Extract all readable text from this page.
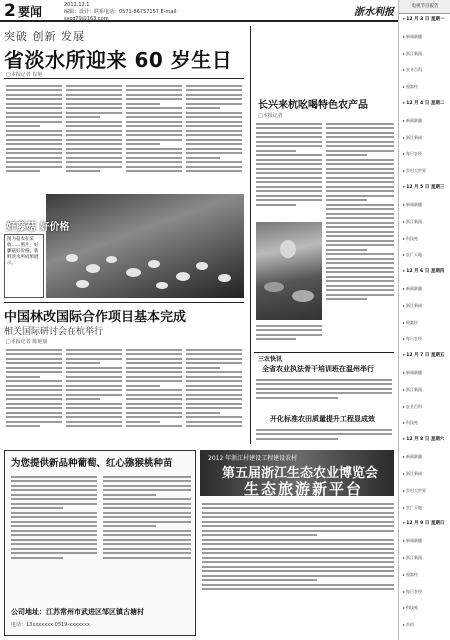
2 要闻	2012.12.1
编辑：设计：联系电话：0571-86757157 E-mail: sxcg79@163.com
浙水利报
突破 创新 发展
省淡水所迎来 60 岁生日
□本报记者 崔艳
好藤菇 好价格
图为菇农在采收……照片，好藤菇好价格，新鲜淡水所成果展示。
中国林改国际合作项目基本完成
相关国际研讨会在杭举行
□本报记者 陈艳丽
长兴来杭吆喝特色农产品
□本报记者
三农快讯
全省农业执法骨干培训班在温州举行
开化标准农田质量提升工程显成效
为您提供新品种葡萄、红心猕猴桃种苗
公司地址：江苏常州市武进区邹区镇古塘村
电话：13xxxxxxx 0519-xxxxxxx
2012 年浙江村建设工程建设农村
第五届浙江生态农业博览会
生态旅游新平台
电视节目报告
▸12 月 3 日 星期一
▸新闻联播
▸浙江新闻
▸农业百科
▸致富经
▸12 月 4 日 星期二
▸新闻联播
▸浙江新闻
▸每日农经
▸乡村大世界
▸12 月 5 日 星期三
▸新闻联播
▸浙江新闻
▸科技苑
▸农广天地
▸12 月 6 日 星期四
▸新闻联播
▸浙江新闻
▸致富经
▸每日农经
▸12 月 7 日 星期五
▸新闻联播
▸浙江新闻
▸农业百科
▸科技苑
▸12 月 8 日 星期六
▸新闻联播
▸浙江新闻
▸乡村大世界
▸农广天地
▸12 月 9 日 星期日
▸新闻联播
▸浙江新闻
▸致富经
▸每日农经
▸科技苑
▸乡约
